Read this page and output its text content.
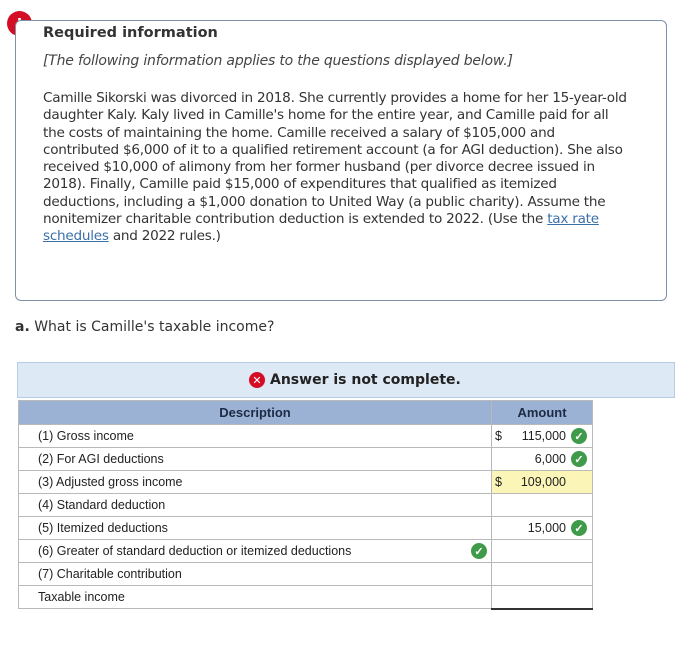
Required information
[The following information applies to the questions displayed below.]
Camille Sikorski was divorced in 2018. She currently provides a home for her 15-year-old daughter Kaly. Kaly lived in Camille's home for the entire year, and Camille paid for all the costs of maintaining the home. Camille received a salary of $105,000 and contributed $6,000 of it to a qualified retirement account (a for AGI deduction). She also received $10,000 of alimony from her former husband (per divorce decree issued in 2018). Finally, Camille paid $15,000 of expenditures that qualified as itemized deductions, including a $1,000 donation to United Way (a public charity). Assume the nonitemizer charitable contribution deduction is extended to 2022. (Use the tax rate schedules and 2022 rules.)
a. What is Camille's taxable income?
✕ Answer is not complete.
Description	Amount
(1) Gross income	$ 115,000 ✓

(2) For AGI deductions	6,000 ✓

(3) Adjusted gross income	$ 109,000

(4) Standard deduction	
(5) Itemized deductions	15,000 ✓

(6) Greater of standard deduction or itemized deductions ✓	

(7) Charitable contribution	
Taxable income	
